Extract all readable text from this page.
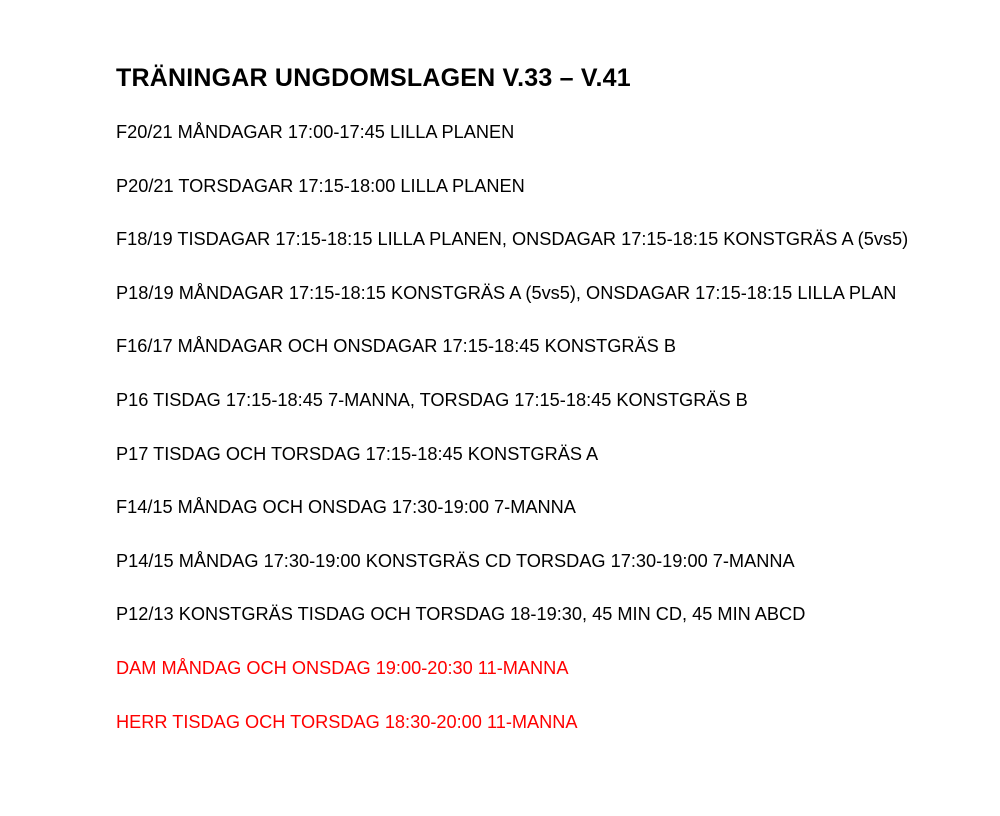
TRÄNINGAR UNGDOMSLAGEN V.33 – V.41
F20/21 MÅNDAGAR 17:00-17:45 LILLA PLANEN
P20/21 TORSDAGAR 17:15-18:00 LILLA PLANEN
F18/19 TISDAGAR 17:15-18:15 LILLA PLANEN, ONSDAGAR 17:15-18:15 KONSTGRÄS A (5vs5)
P18/19 MÅNDAGAR 17:15-18:15 KONSTGRÄS A (5vs5), ONSDAGAR 17:15-18:15 LILLA PLAN
F16/17 MÅNDAGAR OCH ONSDAGAR 17:15-18:45 KONSTGRÄS B
P16 TISDAG 17:15-18:45 7-MANNA, TORSDAG 17:15-18:45 KONSTGRÄS B
P17 TISDAG OCH TORSDAG 17:15-18:45 KONSTGRÄS A
F14/15 MÅNDAG OCH ONSDAG 17:30-19:00 7-MANNA
P14/15 MÅNDAG 17:30-19:00 KONSTGRÄS CD TORSDAG 17:30-19:00 7-MANNA
P12/13 KONSTGRÄS TISDAG OCH TORSDAG 18-19:30, 45 MIN CD, 45 MIN ABCD
DAM MÅNDAG OCH ONSDAG 19:00-20:30 11-MANNA
HERR TISDAG OCH TORSDAG 18:30-20:00 11-MANNA
